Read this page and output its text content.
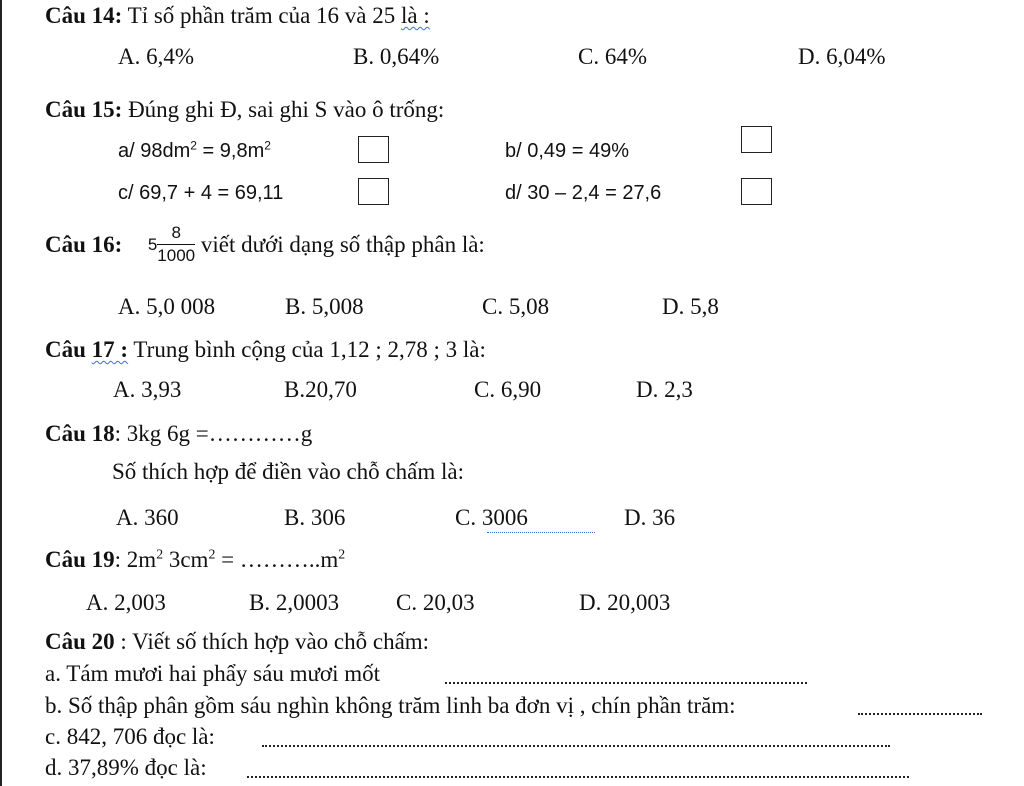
Câu 14: Tỉ số phần trăm của 16 và 25 là :
A. 6,4%	B. 0,64%	C. 64%	D. 6,04%
Câu 15: Đúng ghi Đ, sai ghi S vào ô trống:
a/ $98dm^2 = 9,8m^2$	b/ 0,49 = 49%
c/ 69,7 + 4 = 69,11	d/ 30 – 2,4 = 27,6
Câu 16: $5 \frac{8}{1000}$ viết dưới dạng số thập phân là:
A. 5,0 008	B. 5,008	C. 5,08	D. 5,8
Câu 17 : Trung bình cộng của 1,12 ; 2,78 ; 3 là:
A. 3,93	B.20,70	C. 6,90	D. 2,3
Câu 18: 3kg 6g =…………g
Số thích hợp để điền vào chỗ chấm là:
A. 360	B. 306	C. 3006	D. 36
Câu 19: $2m^2$ $3cm^2$ = $\dots\dots\dots..m^2$
A. 2,003	B. 2,0003 C. 20,03	D. 20,003
Câu 20 : Viết số thích hợp vào chỗ chấm:
a. Tám mươi hai phẩy sáu mươi mốt
b. Số thập phân gồm sáu nghìn không trăm linh ba đơn vị , chín phần trăm:
c. 842, 706 đọc là:
d. 37,89% đọc là:
